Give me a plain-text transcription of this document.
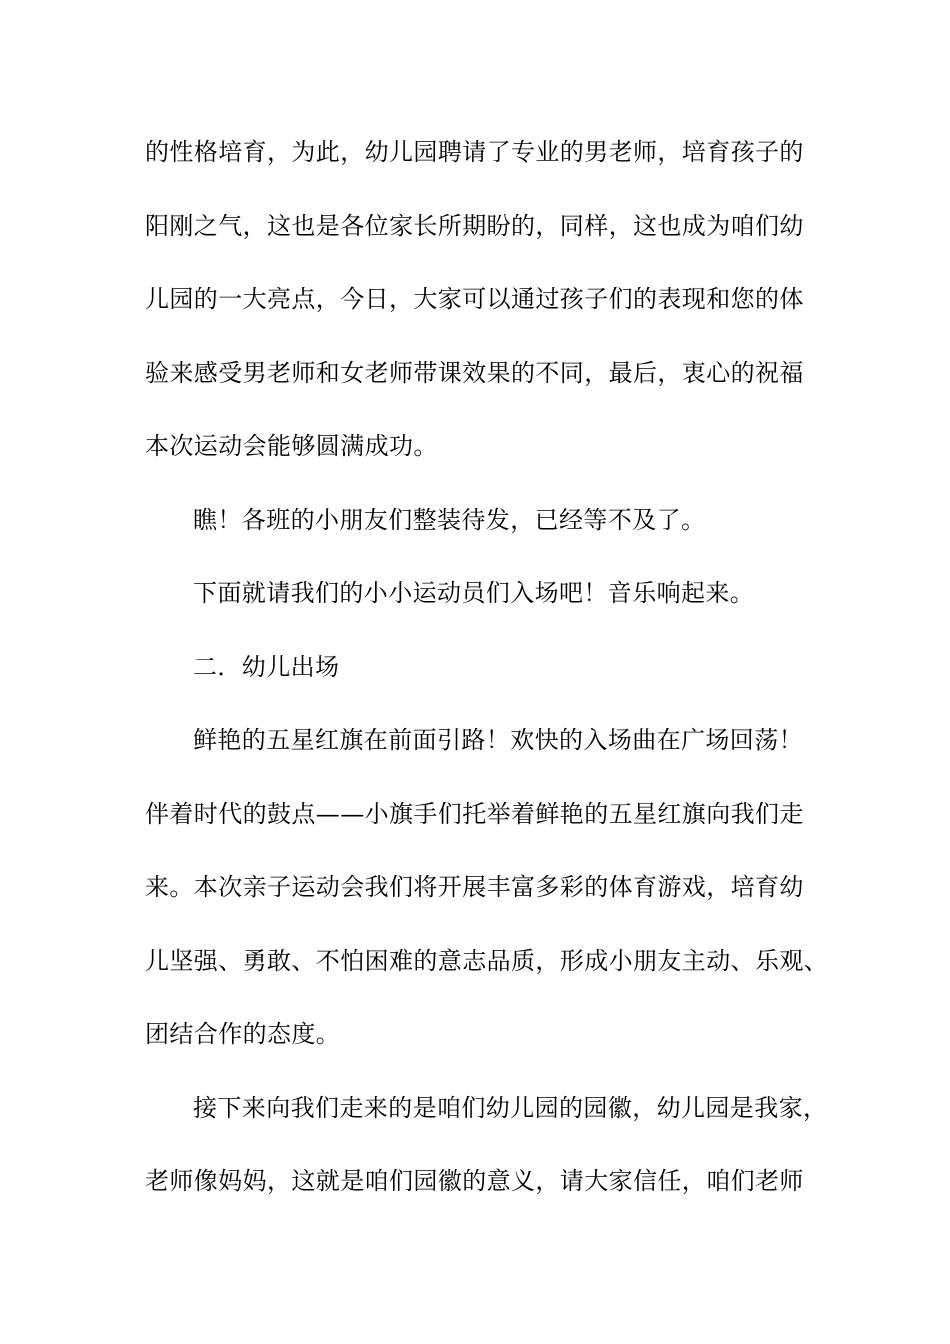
的性格培育，为此，幼儿园聘请了专业的男老师，培育孩子的
阳刚之气，这也是各位家长所期盼的，同样，这也成为咱们幼
儿园的一大亮点，今日，大家可以通过孩子们的表现和您的体
验来感受男老师和女老师带课效果的不同，最后，衷心的祝福
本次运动会能够圆满成功。
瞧！各班的小朋友们整装待发，已经等不及了。
下面就请我们的小小运动员们入场吧！音乐响起来。
二．幼儿出场
鲜艳的五星红旗在前面引路！欢快的入场曲在广场回荡！
伴着时代的鼓点——小旗手们托举着鲜艳的五星红旗向我们走
来。本次亲子运动会我们将开展丰富多彩的体育游戏，培育幼
儿坚强、勇敢、不怕困难的意志品质，形成小朋友主动、乐观、
团结合作的态度。
接下来向我们走来的是咱们幼儿园的园徽，幼儿园是我家，
老师像妈妈，这就是咱们园徽的意义，请大家信任，咱们老师
